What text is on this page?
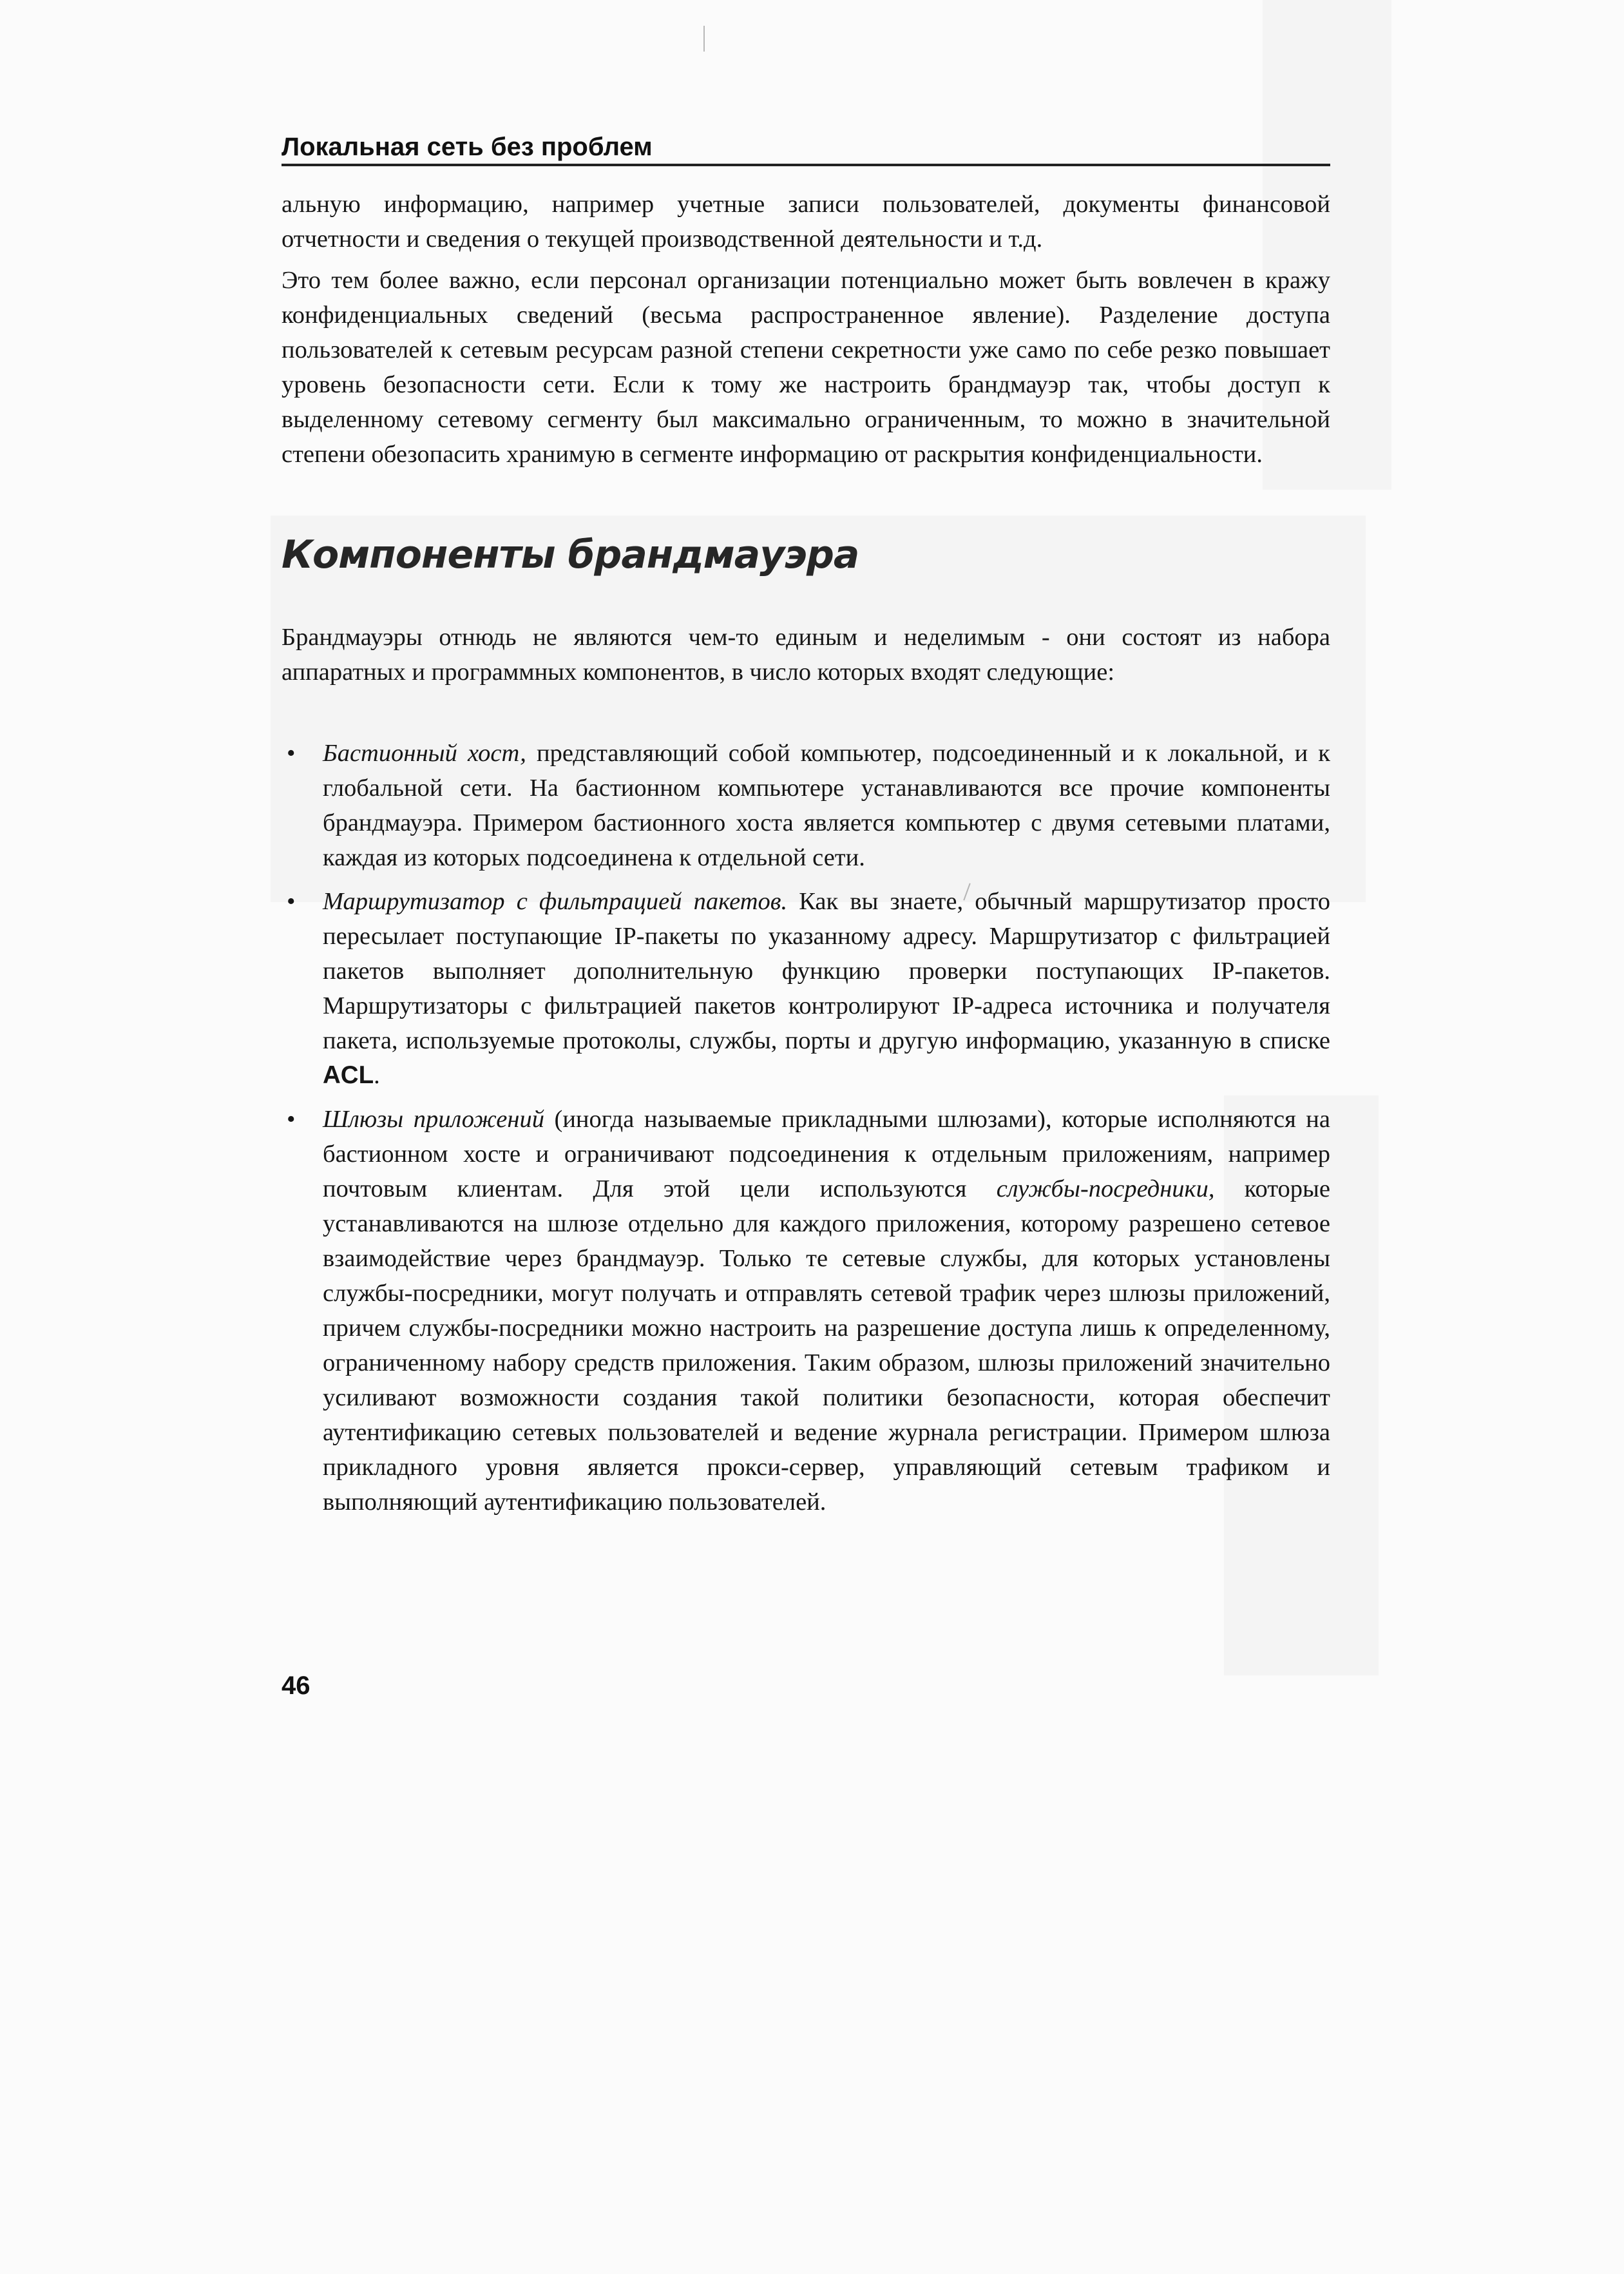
Локальная сеть без проблем
альную информацию, например учетные записи пользователей, документы финансовой отчетности и сведения о текущей производственной деятельности и т.д.
Это тем более важно, если персонал организации потенциально может быть вовлечен в кражу конфиденциальных сведений (весьма распространенное явление). Разделение доступа пользователей к сетевым ресурсам разной степени секретности уже само по себе резко повышает уровень безопасности сети. Если к тому же настроить брандмауэр так, чтобы доступ к выделенному сетевому сегменту был максимально ограниченным, то можно в значительной степени обезопасить хранимую в сегменте информацию от раскрытия конфиденциальности.
Компоненты брандмауэра
Брандмауэры отнюдь не являются чем-то единым и неделимым - они состоят из набора аппаратных и программных компонентов, в число которых входят следующие:
• Бастионный хост, представляющий собой компьютер, подсоединенный и к локальной, и к глобальной сети. На бастионном компьютере устанавливаются все прочие компоненты брандмауэра. Примером бастионного хоста является компьютер с двумя сетевыми платами, каждая из которых подсоединена к отдельной сети.
• Маршрутизатор с фильтрацией пакетов. Как вы знаете, обычный маршрутизатор просто пересылает поступающие IP-пакеты по указанному адресу. Маршрутизатор с фильтрацией пакетов выполняет дополнительную функцию проверки поступающих IP-пакетов. Маршрутизаторы с фильтрацией пакетов контролируют IP-адреса источника и получателя пакета, используемые протоколы, службы, порты и другую информацию, указанную в списке ACL.
• Шлюзы приложений (иногда называемые прикладными шлюзами), которые исполняются на бастионном хосте и ограничивают подсоединения к отдельным приложениям, например почтовым клиентам. Для этой цели используются службы-посредники, которые устанавливаются на шлюзе отдельно для каждого приложения, которому разрешено сетевое взаимодействие через брандмауэр. Только те сетевые службы, для которых установлены службы-посредники, могут получать и отправлять сетевой трафик через шлюзы приложений, причем службы-посредники можно настроить на разрешение доступа лишь к определенному, ограниченному набору средств приложения. Таким образом, шлюзы приложений значительно усиливают возможности создания такой политики безопасности, которая обеспечит аутентификацию сетевых пользователей и ведение журнала регистрации. Примером шлюза прикладного уровня является прокси-сервер, управляющий сетевым трафиком и выполняющий аутентификацию пользователей.
46
